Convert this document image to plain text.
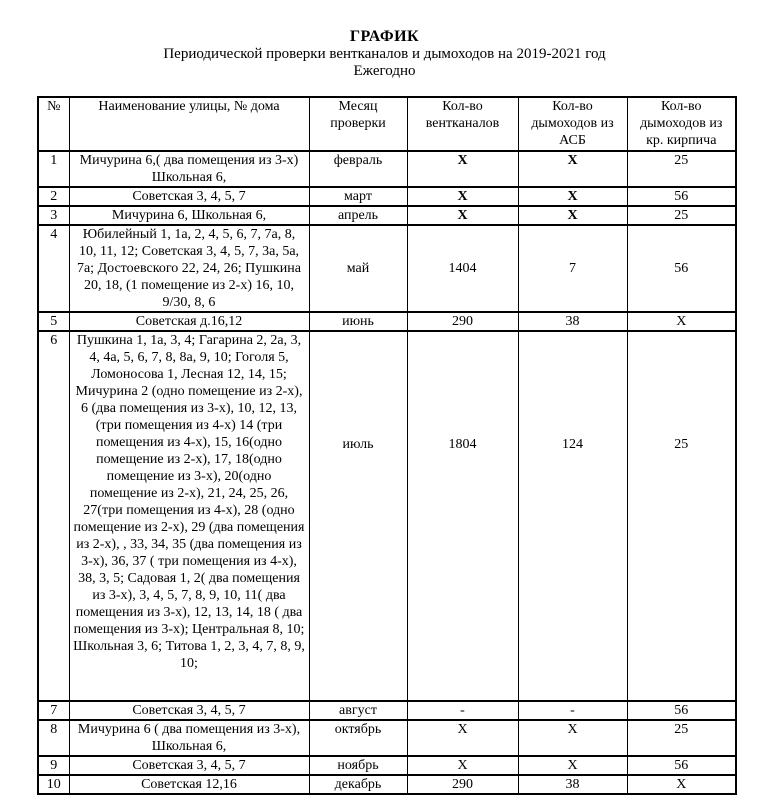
ГРАФИК
Периодической проверки вентканалов и дымоходов на 2019-2021 год
Ежегодно
№	Наименование улицы, № дома	Месяц проверки	Кол-во вентканалов	Кол-во дымоходов из АСБ	Кол-во дымоходов из кр. кирпича
1	Мичурина 6,( два помещения из 3-х) Школьная 6,	февраль	Х	Х	25
2	Советская 3, 4, 5, 7	март	Х	Х	56
3	Мичурина 6, Школьная 6,	апрель	Х	Х	25
4	Юбилейный 1, 1а, 2, 4, 5, 6, 7, 7а, 8, 10, 11, 12; Советская 3, 4, 5, 7, 3а, 5а, 7а; Достоевского 22, 24, 26; Пушкина 20, 18, (1 помещение из 2-х) 16, 10, 9/30, 8, 6	май	1404	7	56
5	Советская д.16,12	июнь	290	38	Х
6	Пушкина 1, 1а, 3, 4; Гагарина 2, 2а, 3, 4, 4а, 5, 6, 7, 8, 8а, 9, 10; Гоголя 5, Ломоносова 1, Лесная 12, 14, 15; Мичурина 2 (одно помещение из 2-х), 6 (два помещения из 3-х), 10, 12, 13,(три помещения из 4-х) 14 (три помещения из 4-х), 15, 16(одно помещение из 2-х), 17, 18(одно помещение из 3-х), 20(одно помещение из 2-х), 21, 24, 25, 26, 27(три помещения из 4-х), 28 (одно помещение из 2-х), 29 (два помещения из 2-х), , 33, 34, 35 (два помещения из 3-х), 36, 37 ( три помещения из 4-х), 38, 3, 5; Садовая 1, 2( два помещения из 3-х), 3, 4, 5, 7, 8, 9, 10, 11( два помещения из 3-х), 12, 13, 14, 18 ( два помещения из 3-х); Центральная 8, 10; Школьная 3, 6; Титова 1, 2, 3, 4, 7, 8, 9, 10;	июль	1804	124	25
7	Советская 3, 4, 5, 7	август	-	-	56
8	Мичурина 6 ( два помещения из 3-х), Школьная 6,	октябрь	Х	Х	25
9	Советская 3, 4, 5, 7	ноябрь	Х	Х	56
10	Советская 12,16	декабрь	290	38	Х
